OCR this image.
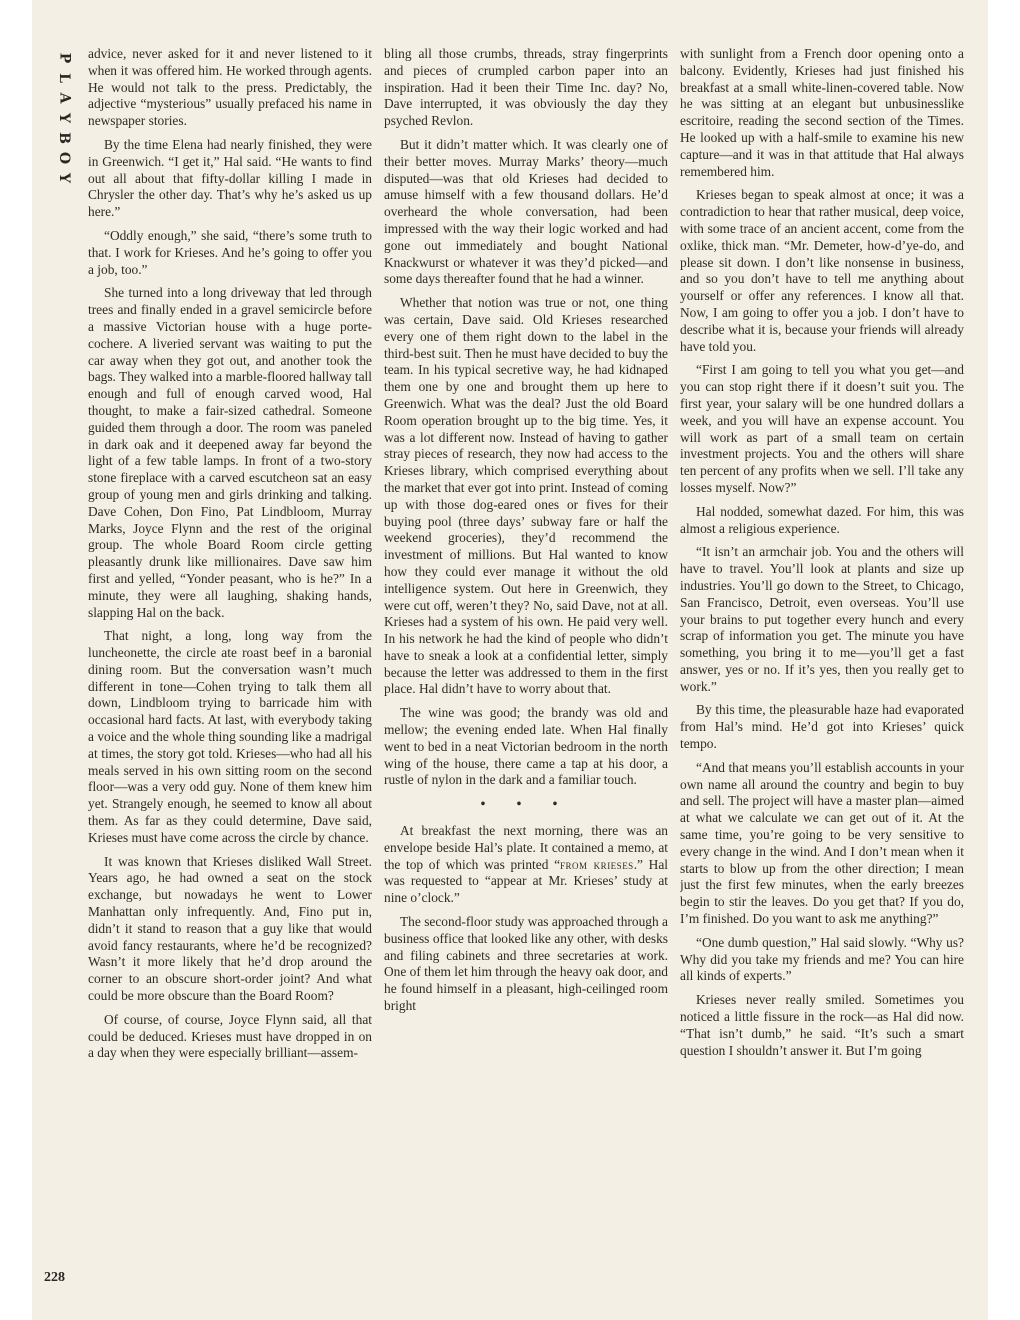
P
L
A
Y
B
O
Y

advice, never asked for it and never listened to it when it was offered him. He worked through agents. He would not talk to the press. Predictably, the adjective “mysterious” usually prefaced his name in newspaper stories.

By the time Elena had nearly finished, they were in Greenwich. “I get it,” Hal said. “He wants to find out all about that fifty-dollar killing I made in Chrysler the other day. That’s why he’s asked us up here.”

“Oddly enough,” she said, “there’s some truth to that. I work for Krieses. And he’s going to offer you a job, too.”

She turned into a long driveway that led through trees and finally ended in a gravel semicircle before a massive Victorian house with a huge porte-cochere. A liveried servant was waiting to put the car away when they got out, and another took the bags. They walked into a marble-floored hallway tall enough and full of enough carved wood, Hal thought, to make a fair-sized cathedral. Someone guided them through a door. The room was paneled in dark oak and it deepened away far beyond the light of a few table lamps. In front of a two-story stone fireplace with a carved escutcheon sat an easy group of young men and girls drinking and talking. Dave Cohen, Don Fino, Pat Lindbloom, Murray Marks, Joyce Flynn and the rest of the original group. The whole Board Room circle getting pleasantly drunk like millionaires. Dave saw him first and yelled, “Yonder peasant, who is he?” In a minute, they were all laughing, shaking hands, slapping Hal on the back.

That night, a long, long way from the luncheonette, the circle ate roast beef in a baronial dining room. But the conversation wasn’t much different in tone—Cohen trying to talk them all down, Lindbloom trying to barricade him with occasional hard facts. At last, with everybody taking a voice and the whole thing sounding like a madrigal at times, the story got told. Krieses—who had all his meals served in his own sitting room on the second floor—was a very odd guy. None of them knew him yet. Strangely enough, he seemed to know all about them. As far as they could determine, Dave said, Krieses must have come across the circle by chance.

It was known that Krieses disliked Wall Street. Years ago, he had owned a seat on the stock exchange, but nowadays he went to Lower Manhattan only infrequently. And, Fino put in, didn’t it stand to reason that a guy like that would avoid fancy restaurants, where he’d be recognized? Wasn’t it more likely that he’d drop around the corner to an obscure short-order joint? And what could be more obscure than the Board Room?

Of course, of course, Joyce Flynn said, all that could be deduced. Krieses must have dropped in on a day when they were especially brilliant—assem-

bling all those crumbs, threads, stray fingerprints and pieces of crumpled carbon paper into an inspiration. Had it been their Time Inc. day? No, Dave interrupted, it was obviously the day they psyched Revlon.

But it didn’t matter which. It was clearly one of their better moves. Murray Marks’ theory—much disputed—was that old Krieses had decided to amuse himself with a few thousand dollars. He’d overheard the whole conversation, had been impressed with the way their logic worked and had gone out immediately and bought National Knackwurst or whatever it was they’d picked—and some days thereafter found that he had a winner.

Whether that notion was true or not, one thing was certain, Dave said. Old Krieses researched every one of them right down to the label in the third-best suit. Then he must have decided to buy the team. In his typical secretive way, he had kidnaped them one by one and brought them up here to Greenwich. What was the deal? Just the old Board Room operation brought up to the big time. Yes, it was a lot different now. Instead of having to gather stray pieces of research, they now had access to the Krieses library, which comprised everything about the market that ever got into print. Instead of coming up with those dog-eared ones or fives for their buying pool (three days’ subway fare or half the weekend groceries), they’d recommend the investment of millions. But Hal wanted to know how they could ever manage it without the old intelligence system. Out here in Greenwich, they were cut off, weren’t they? No, said Dave, not at all. Krieses had a system of his own. He paid very well. In his network he had the kind of people who didn’t have to sneak a look at a confidential letter, simply because the letter was addressed to them in the first place. Hal didn’t have to worry about that.

The wine was good; the brandy was old and mellow; the evening ended late. When Hal finally went to bed in a neat Victorian bedroom in the north wing of the house, there came a tap at his door, a rustle of nylon in the dark and a familiar touch.

• • •

At breakfast the next morning, there was an envelope beside Hal’s plate. It contained a memo, at the top of which was printed “from krieses.” Hal was requested to “appear at Mr. Krieses’ study at nine o’clock.”

The second-floor study was approached through a business office that looked like any other, with desks and filing cabinets and three secretaries at work. One of them let him through the heavy oak door, and he found himself in a pleasant, high-ceilinged room bright

with sunlight from a French door opening onto a balcony. Evidently, Krieses had just finished his breakfast at a small white-linen-covered table. Now he was sitting at an elegant but unbusinesslike escritoire, reading the second section of the Times. He looked up with a half-smile to examine his new capture—and it was in that attitude that Hal always remembered him.

Krieses began to speak almost at once; it was a contradiction to hear that rather musical, deep voice, with some trace of an ancient accent, come from the oxlike, thick man. “Mr. Demeter, how-d’ye-do, and please sit down. I don’t like nonsense in business, and so you don’t have to tell me anything about yourself or offer any references. I know all that. Now, I am going to offer you a job. I don’t have to describe what it is, because your friends will already have told you.

“First I am going to tell you what you get—and you can stop right there if it doesn’t suit you. The first year, your salary will be one hundred dollars a week, and you will have an expense account. You will work as part of a small team on certain investment projects. You and the others will share ten percent of any profits when we sell. I’ll take any losses myself. Now?”

Hal nodded, somewhat dazed. For him, this was almost a religious experience.

“It isn’t an armchair job. You and the others will have to travel. You’ll look at plants and size up industries. You’ll go down to the Street, to Chicago, San Francisco, Detroit, even overseas. You’ll use your brains to put together every hunch and every scrap of information you get. The minute you have something, you bring it to me—you’ll get a fast answer, yes or no. If it’s yes, then you really get to work.”

By this time, the pleasurable haze had evaporated from Hal’s mind. He’d got into Krieses’ quick tempo.

“And that means you’ll establish accounts in your own name all around the country and begin to buy and sell. The project will have a master plan—aimed at what we calculate we can get out of it. At the same time, you’re going to be very sensitive to every change in the wind. And I don’t mean when it starts to blow up from the other direction; I mean just the first few minutes, when the early breezes begin to stir the leaves. Do you get that? If you do, I’m finished. Do you want to ask me anything?”

“One dumb question,” Hal said slowly. “Why us? Why did you take my friends and me? You can hire all kinds of experts.”

Krieses never really smiled. Sometimes you noticed a little fissure in the rock—as Hal did now. “That isn’t dumb,” he said. “It’s such a smart question I shouldn’t answer it. But I’m going

228
